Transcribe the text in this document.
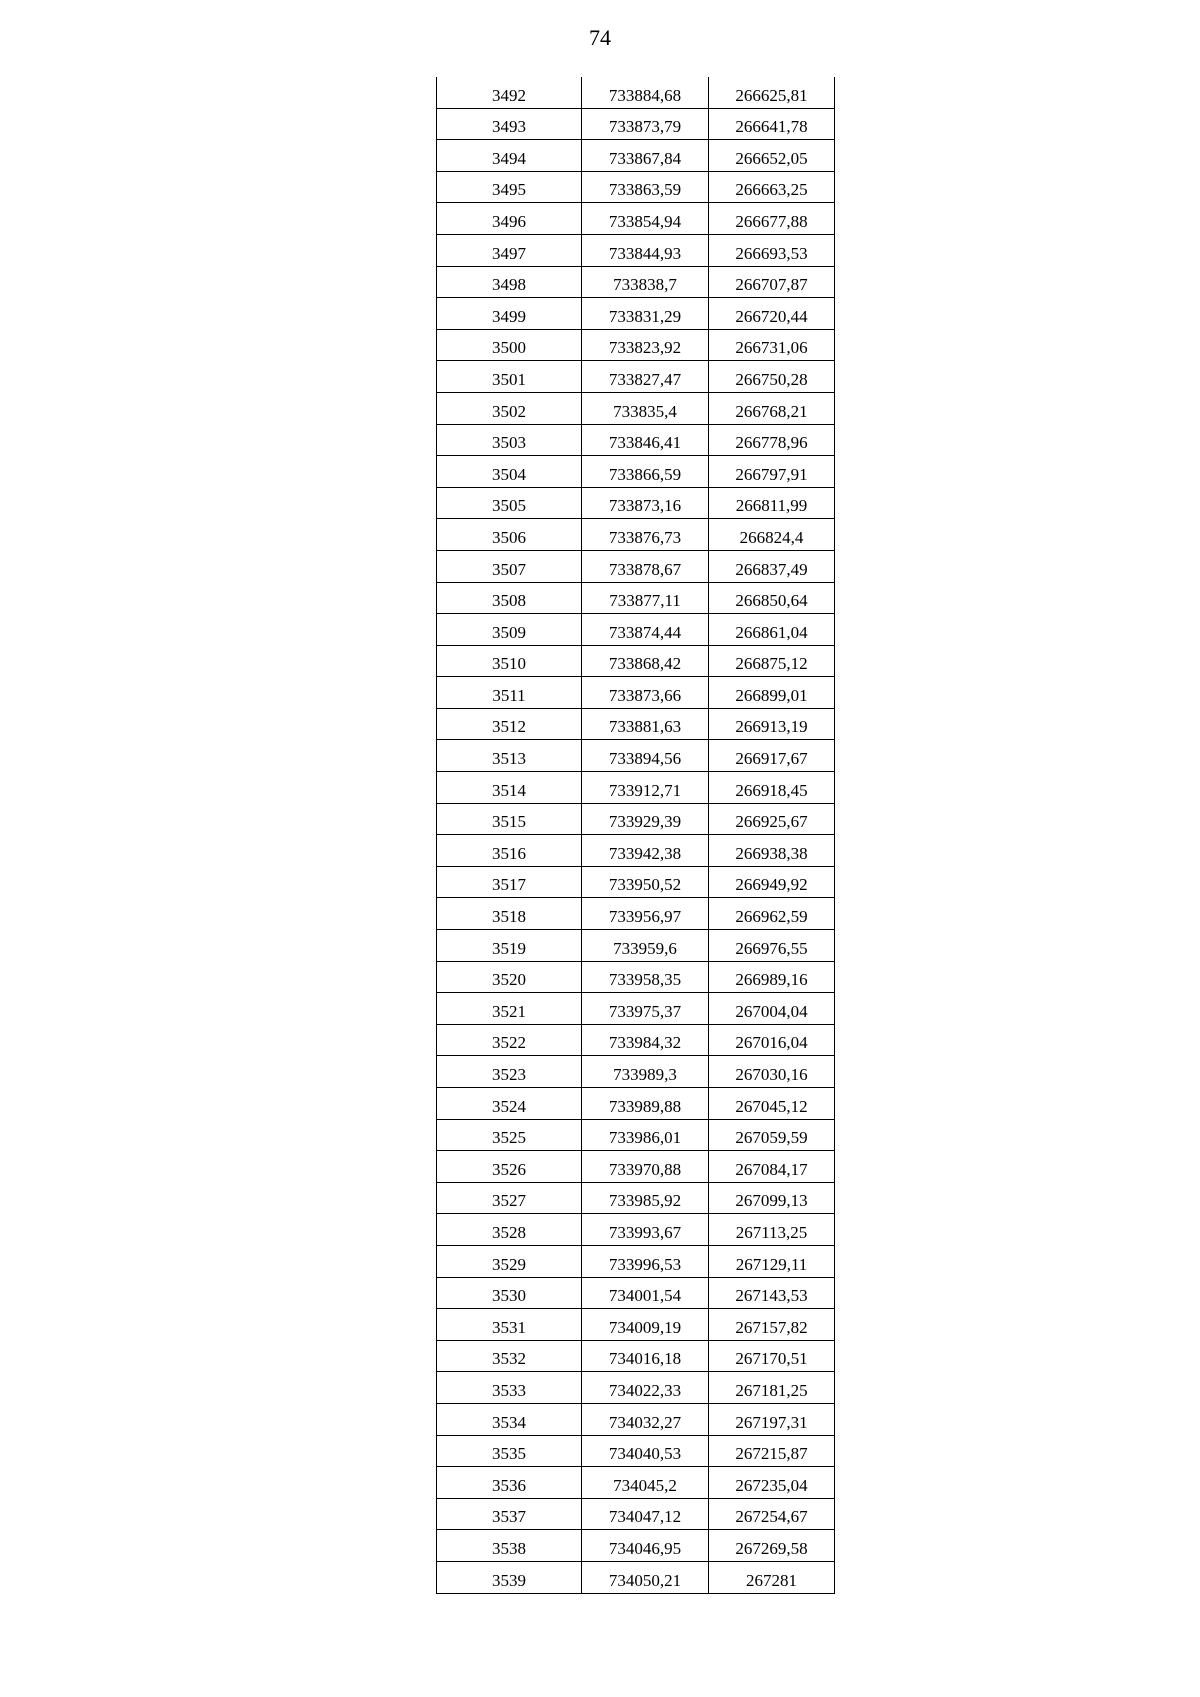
74
3492	733884,68	266625,81
3493	733873,79	266641,78
3494	733867,84	266652,05
3495	733863,59	266663,25
3496	733854,94	266677,88
3497	733844,93	266693,53
3498	733838,7	266707,87
3499	733831,29	266720,44
3500	733823,92	266731,06
3501	733827,47	266750,28
3502	733835,4	266768,21
3503	733846,41	266778,96
3504	733866,59	266797,91
3505	733873,16	266811,99
3506	733876,73	266824,4
3507	733878,67	266837,49
3508	733877,11	266850,64
3509	733874,44	266861,04
3510	733868,42	266875,12
3511	733873,66	266899,01
3512	733881,63	266913,19
3513	733894,56	266917,67
3514	733912,71	266918,45
3515	733929,39	266925,67
3516	733942,38	266938,38
3517	733950,52	266949,92
3518	733956,97	266962,59
3519	733959,6	266976,55
3520	733958,35	266989,16
3521	733975,37	267004,04
3522	733984,32	267016,04
3523	733989,3	267030,16
3524	733989,88	267045,12
3525	733986,01	267059,59
3526	733970,88	267084,17
3527	733985,92	267099,13
3528	733993,67	267113,25
3529	733996,53	267129,11
3530	734001,54	267143,53
3531	734009,19	267157,82
3532	734016,18	267170,51
3533	734022,33	267181,25
3534	734032,27	267197,31
3535	734040,53	267215,87
3536	734045,2	267235,04
3537	734047,12	267254,67
3538	734046,95	267269,58
3539	734050,21	267281
